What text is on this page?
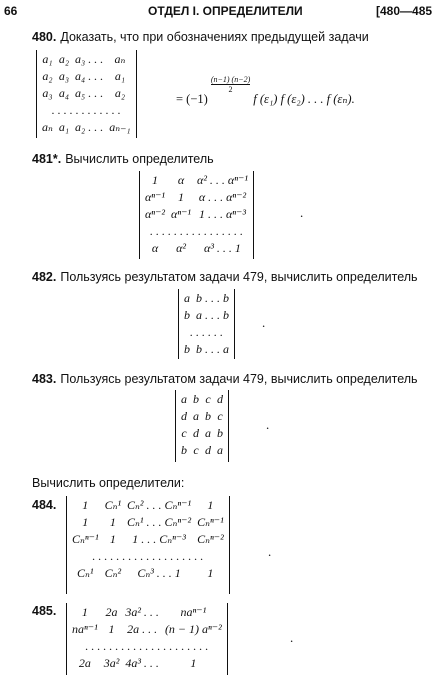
66	ОТДЕЛ I. ОПРЕДЕЛИТЕЛИ	[480—485
480. Доказать, что при обозначениях предыдущей задачи
a₁	a₂	a₃ . . .	aₙ
a₂	a₃	a₄ . . .	a₁
a₃	a₄	a₅ . . .	a₂
. . . . . . . . . . . .			
aₙ	a₁	a₂ . . .	aₙ₋₁
= (−1)
$\frac{(n-1) (n-2)}{2}$
f (ε₁) f (ε₂) . . . f (εₙ).
481*. Вычислить определитель
1	α	α² . . . αⁿ⁻¹
αⁿ⁻¹	1	α . . . αⁿ⁻²
αⁿ⁻²	αⁿ⁻¹	1 . . . αⁿ⁻³
. . . . . . . . . . . . . . . .		
α	α²	α³ . . . 1
.
482. Пользуясь результатом задачи 479, вычислить определитель
a	b . . . b
b	a . . . b
. . . . . .	
b	b . . . a
.
483. Пользуясь результатом задачи 479, вычислить определитель
a	b	c	d
d	a	b	c
c	d	a	b
b	c	d	a
.
Вычислить определители:
484. 1	Cₙ¹	Cₙ² . . . Cₙⁿ⁻¹	1
1	1	Cₙ¹ . . . Cₙⁿ⁻²	Cₙⁿ⁻¹
Cₙⁿ⁻¹	1	1 . . . Cₙⁿ⁻³	Cₙⁿ⁻²
. . . . . . . . . . . . . . . . . . .			
Cₙ¹	Cₙ²	Cₙ³ . . . 1	1
.
485. 1	2a	3a² . . .	naⁿ⁻¹
naⁿ⁻¹	1	2a . . .	(n − 1) aⁿ⁻²
. . . . . . . . . . . . . . . . . . . . .			
2a	3a²	4a³ . . .	1
.
